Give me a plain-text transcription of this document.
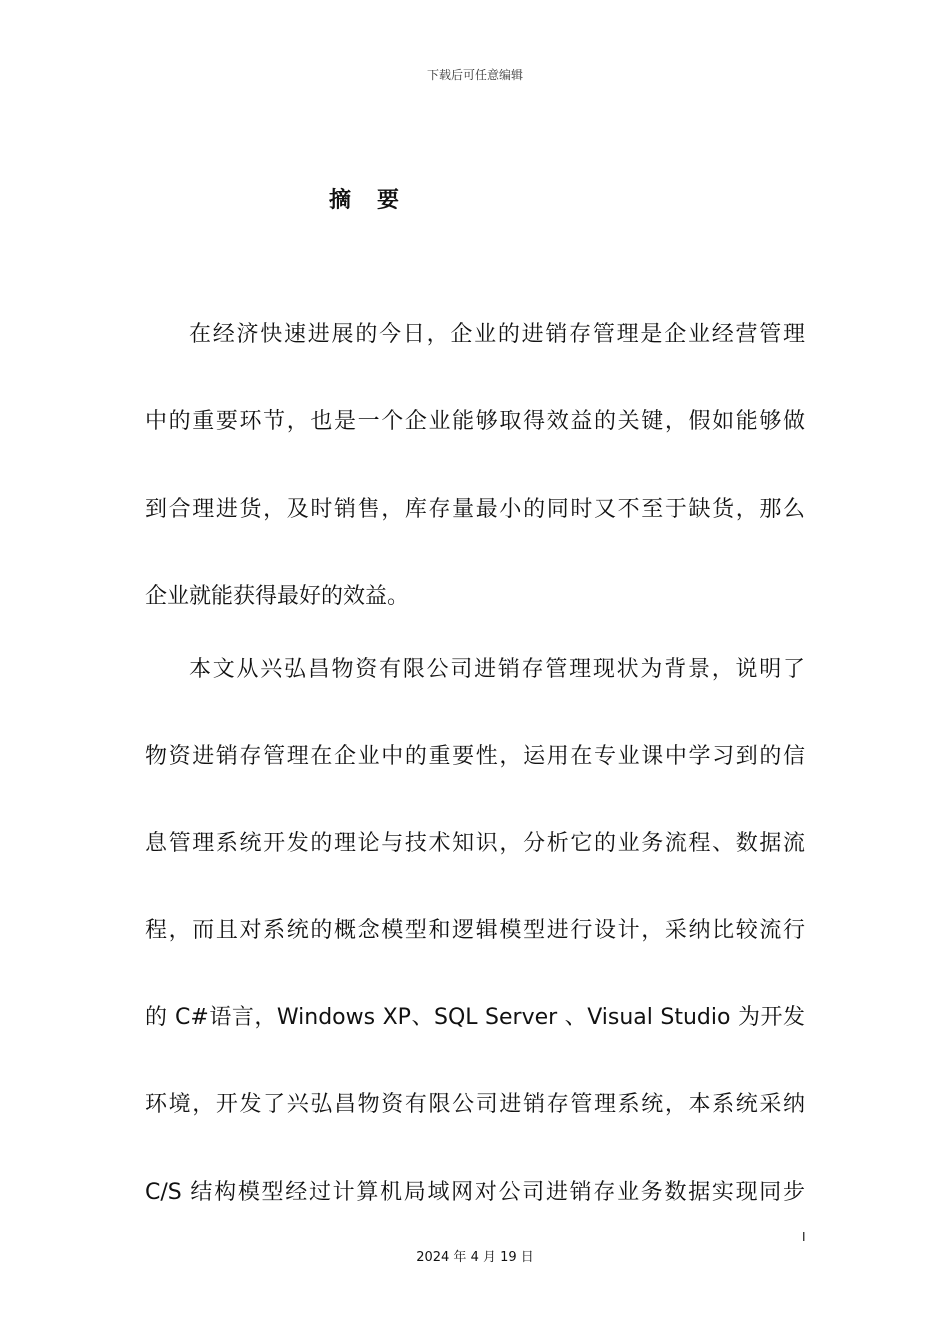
下载后可任意编辑
摘要
在经济快速进展的今日，企业的进销存管理是企业经营管理
中的重要环节，也是一个企业能够取得效益的关键，假如能够做
到合理进货，及时销售，库存量最小的同时又不至于缺货，那么
企业就能获得最好的效益。
本文从兴弘昌物资有限公司进销存管理现状为背景，说明了
物资进销存管理在企业中的重要性，运用在专业课中学习到的信
息管理系统开发的理论与技术知识，分析它的业务流程、数据流
程，而且对系统的概念模型和逻辑模型进行设计，采纳比较流行
的 C#语言，Windows XP、SQL Server 、Visual Studio 为开发
环境，开发了兴弘昌物资有限公司进销存管理系统，本系统采纳
C/S 结构模型经过计算机局域网对公司进销存业务数据实现同步
I
2024 年 4 月 19 日
